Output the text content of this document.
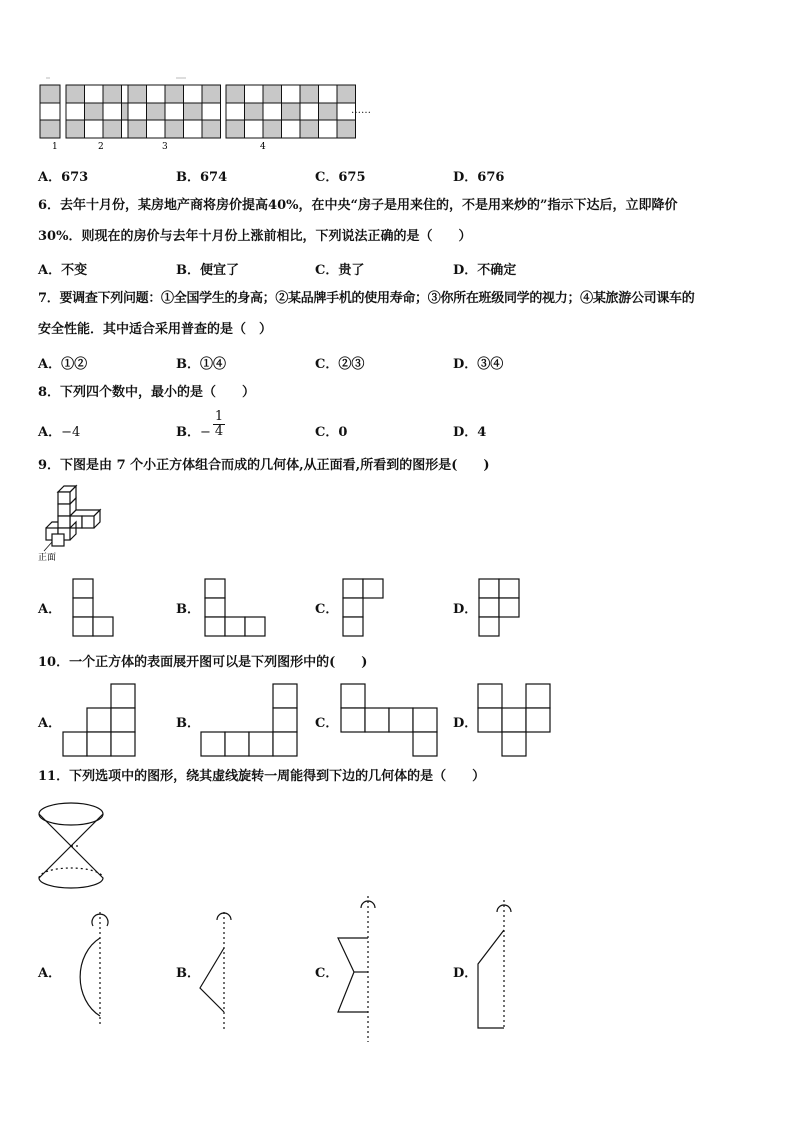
……
1	2	3	4
A．673	B．674	C．675	D．676
6．去年十月份，某房地产商将房价提高40%，在中央“房子是用来住的，不是用来炒的”指示下达后，立即降价
30%．则现在的房价与去年十月份上涨前相比，下列说法正确的是（　　）
A．不变	B．便宜了	C．贵了	D．不确定
7．要调查下列问题：①全国学生的身高；②某品牌手机的使用寿命；③你所在班级同学的视力；④某旅游公司课车的
安全性能．其中适合采用普查的是（　）
A．①②	B．①④	C．②③	D．③④
8．下列四个数中，最小的是（　　）
A．−4	B．− $\frac{1}{4}$	C．0	D．4
9．下图是由 7 个小正方体组合而成的几何体,从正面看,所看到的图形是(　　)
正面
A．	B．	C．	D．
10．一个正方体的表面展开图可以是下列图形中的(　　)
A．	B．	C．	D．
11．下列选项中的图形，绕其虚线旋转一周能得到下边的几何体的是（　　）
A．	B．	C．	D．
